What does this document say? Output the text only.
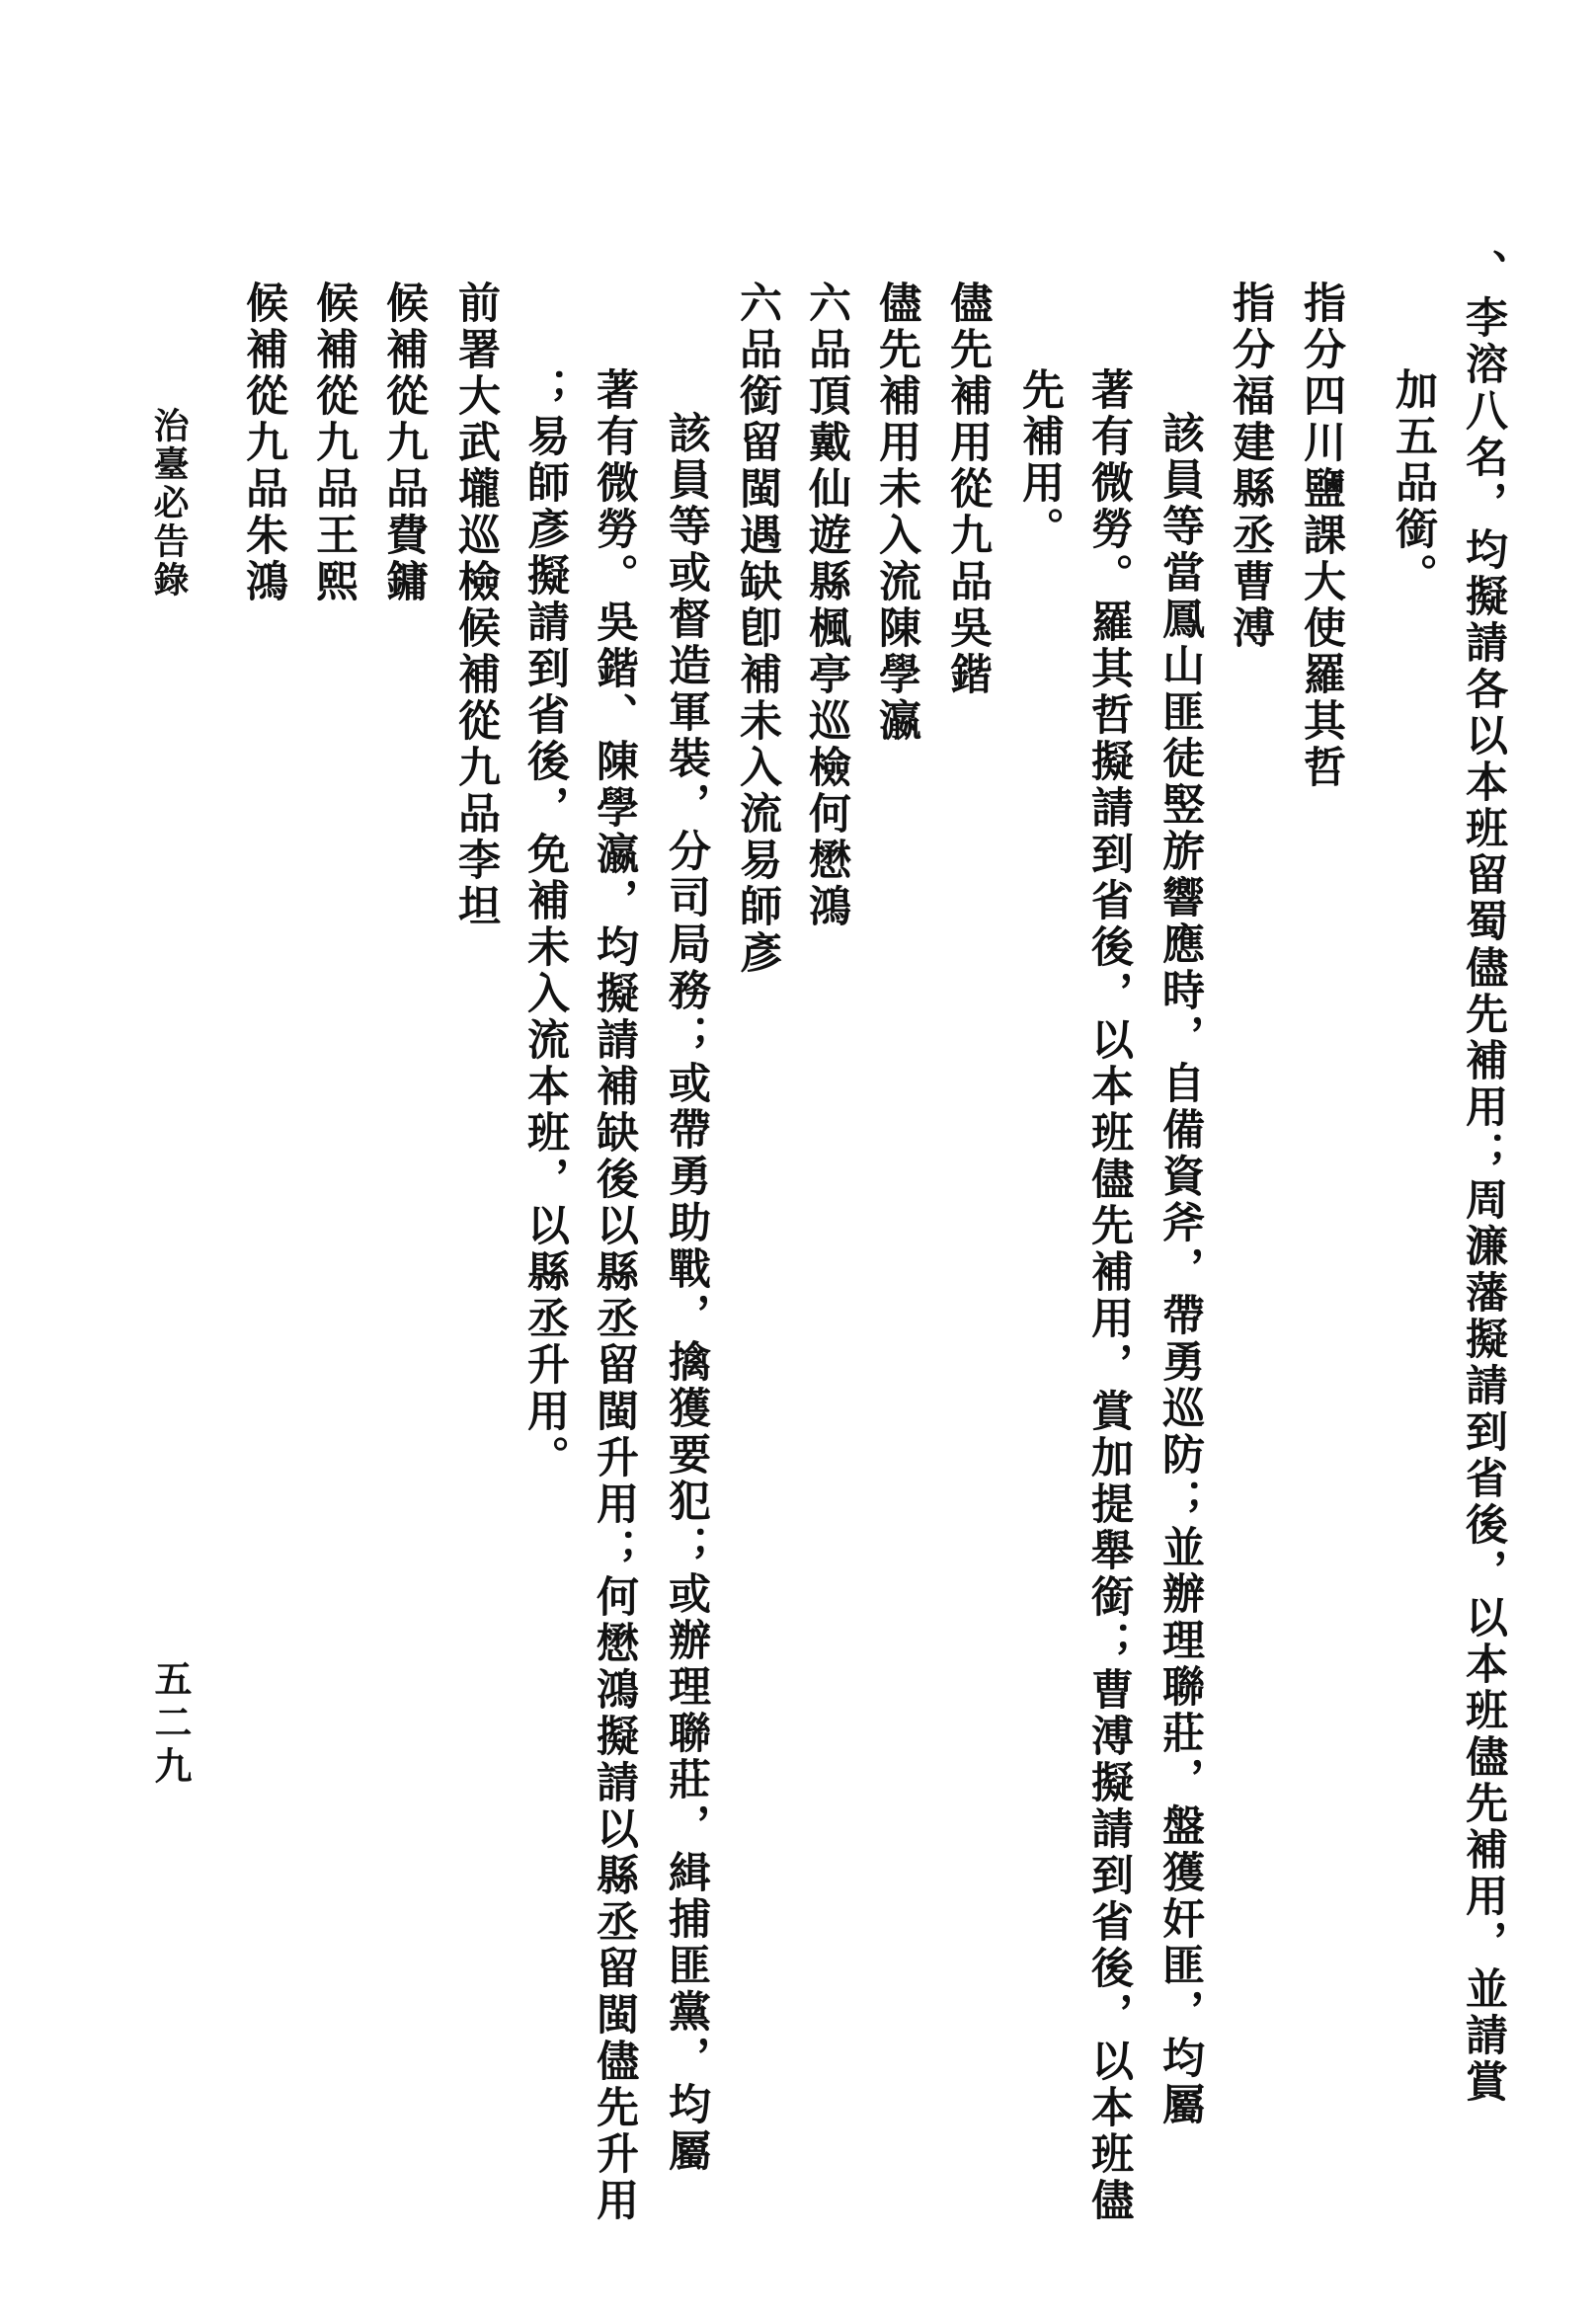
、李溶八名，均擬請各以本班留蜀儘先補用；周濂藩擬請到省後，以本班儘先補用，並請賞
加五品銜。
指分四川鹽課大使羅其哲
指分福建縣丞曹溥
該員等當鳳山匪徒竪旂響應時，自備資斧，帶勇巡防；並辦理聯莊，盤獲奸匪，均屬
著有微勞。羅其哲擬請到省後，以本班儘先補用，賞加提舉銜；曹溥擬請到省後，以本班儘
先補用。
儘先補用從九品吳鍇
儘先補用未入流陳學瀛
六品頂戴仙遊縣楓亭巡檢何懋鴻
六品銜留閩遇缺卽補未入流易師彥
該員等或督造軍裝，分司局務；或帶勇助戰，擒獲要犯；或辦理聯莊，緝捕匪黨，均屬
著有微勞。吳鍇、陳學瀛，均擬請補缺後以縣丞留閩升用；何懋鴻擬請以縣丞留閩儘先升用
；易師彥擬請到省後，免補未入流本班，以縣丞升用。
前署大武壠巡檢候補從九品李坦
候補從九品費鏞
候補從九品王熙
候補從九品朱鴻
治臺必告錄
五二九
